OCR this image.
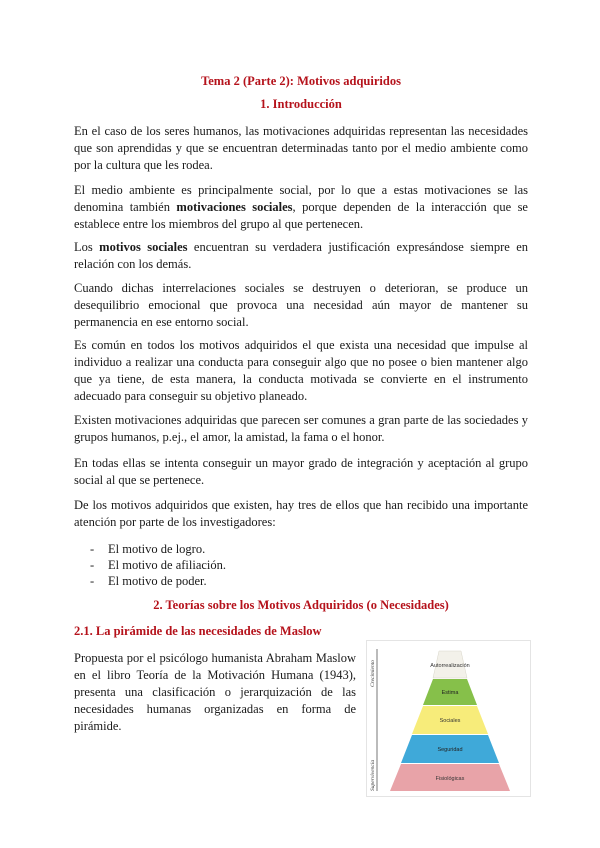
Tema 2 (Parte 2): Motivos adquiridos
1. Introducción

En el caso de los seres humanos, las motivaciones adquiridas representan las necesidades que son aprendidas y que se encuentran determinadas tanto por el medio ambiente como por la cultura que les rodea.

El medio ambiente es principalmente social, por lo que a estas motivaciones se las denomina también motivaciones sociales, porque dependen de la interacción que se establece entre los miembros del grupo al que pertenecen.

Los motivos sociales encuentran su verdadera justificación expresándose siempre en relación con los demás.

Cuando dichas interrelaciones sociales se destruyen o deterioran, se produce un desequilibrio emocional que provoca una necesidad aún mayor de mantener su permanencia en ese entorno social.

Es común en todos los motivos adquiridos el que exista una necesidad que impulse al individuo a realizar una conducta para conseguir algo que no posee o bien mantener algo que ya tiene, de esta manera, la conducta motivada se convierte en el instrumento adecuado para conseguir su objetivo planeado.

Existen motivaciones adquiridas que parecen ser comunes a gran parte de las sociedades y grupos humanos, p.ej., el amor, la amistad, la fama o el honor.

En todas ellas se intenta conseguir un mayor grado de integración y aceptación al grupo social al que se pertenece.

De los motivos adquiridos que existen, hay tres de ellos que han recibido una importante atención por parte de los investigadores:

-	El motivo de logro.
-	El motivo de afiliación.
-	El motivo de poder.
2. Teorías sobre los Motivos Adquiridos (o Necesidades)
2.1. La pirámide de las necesidades de Maslow

Propuesta por el psicólogo humanista Abraham Maslow en el libro Teoría de la Motivación Humana (1943), presenta una clasificación o jerarquización de las necesidades humanas organizadas en forma de pirámide.

Crecimiento
Supervivencia
Autorrealización
Estima
Sociales
Seguridad
Fisiológicas
